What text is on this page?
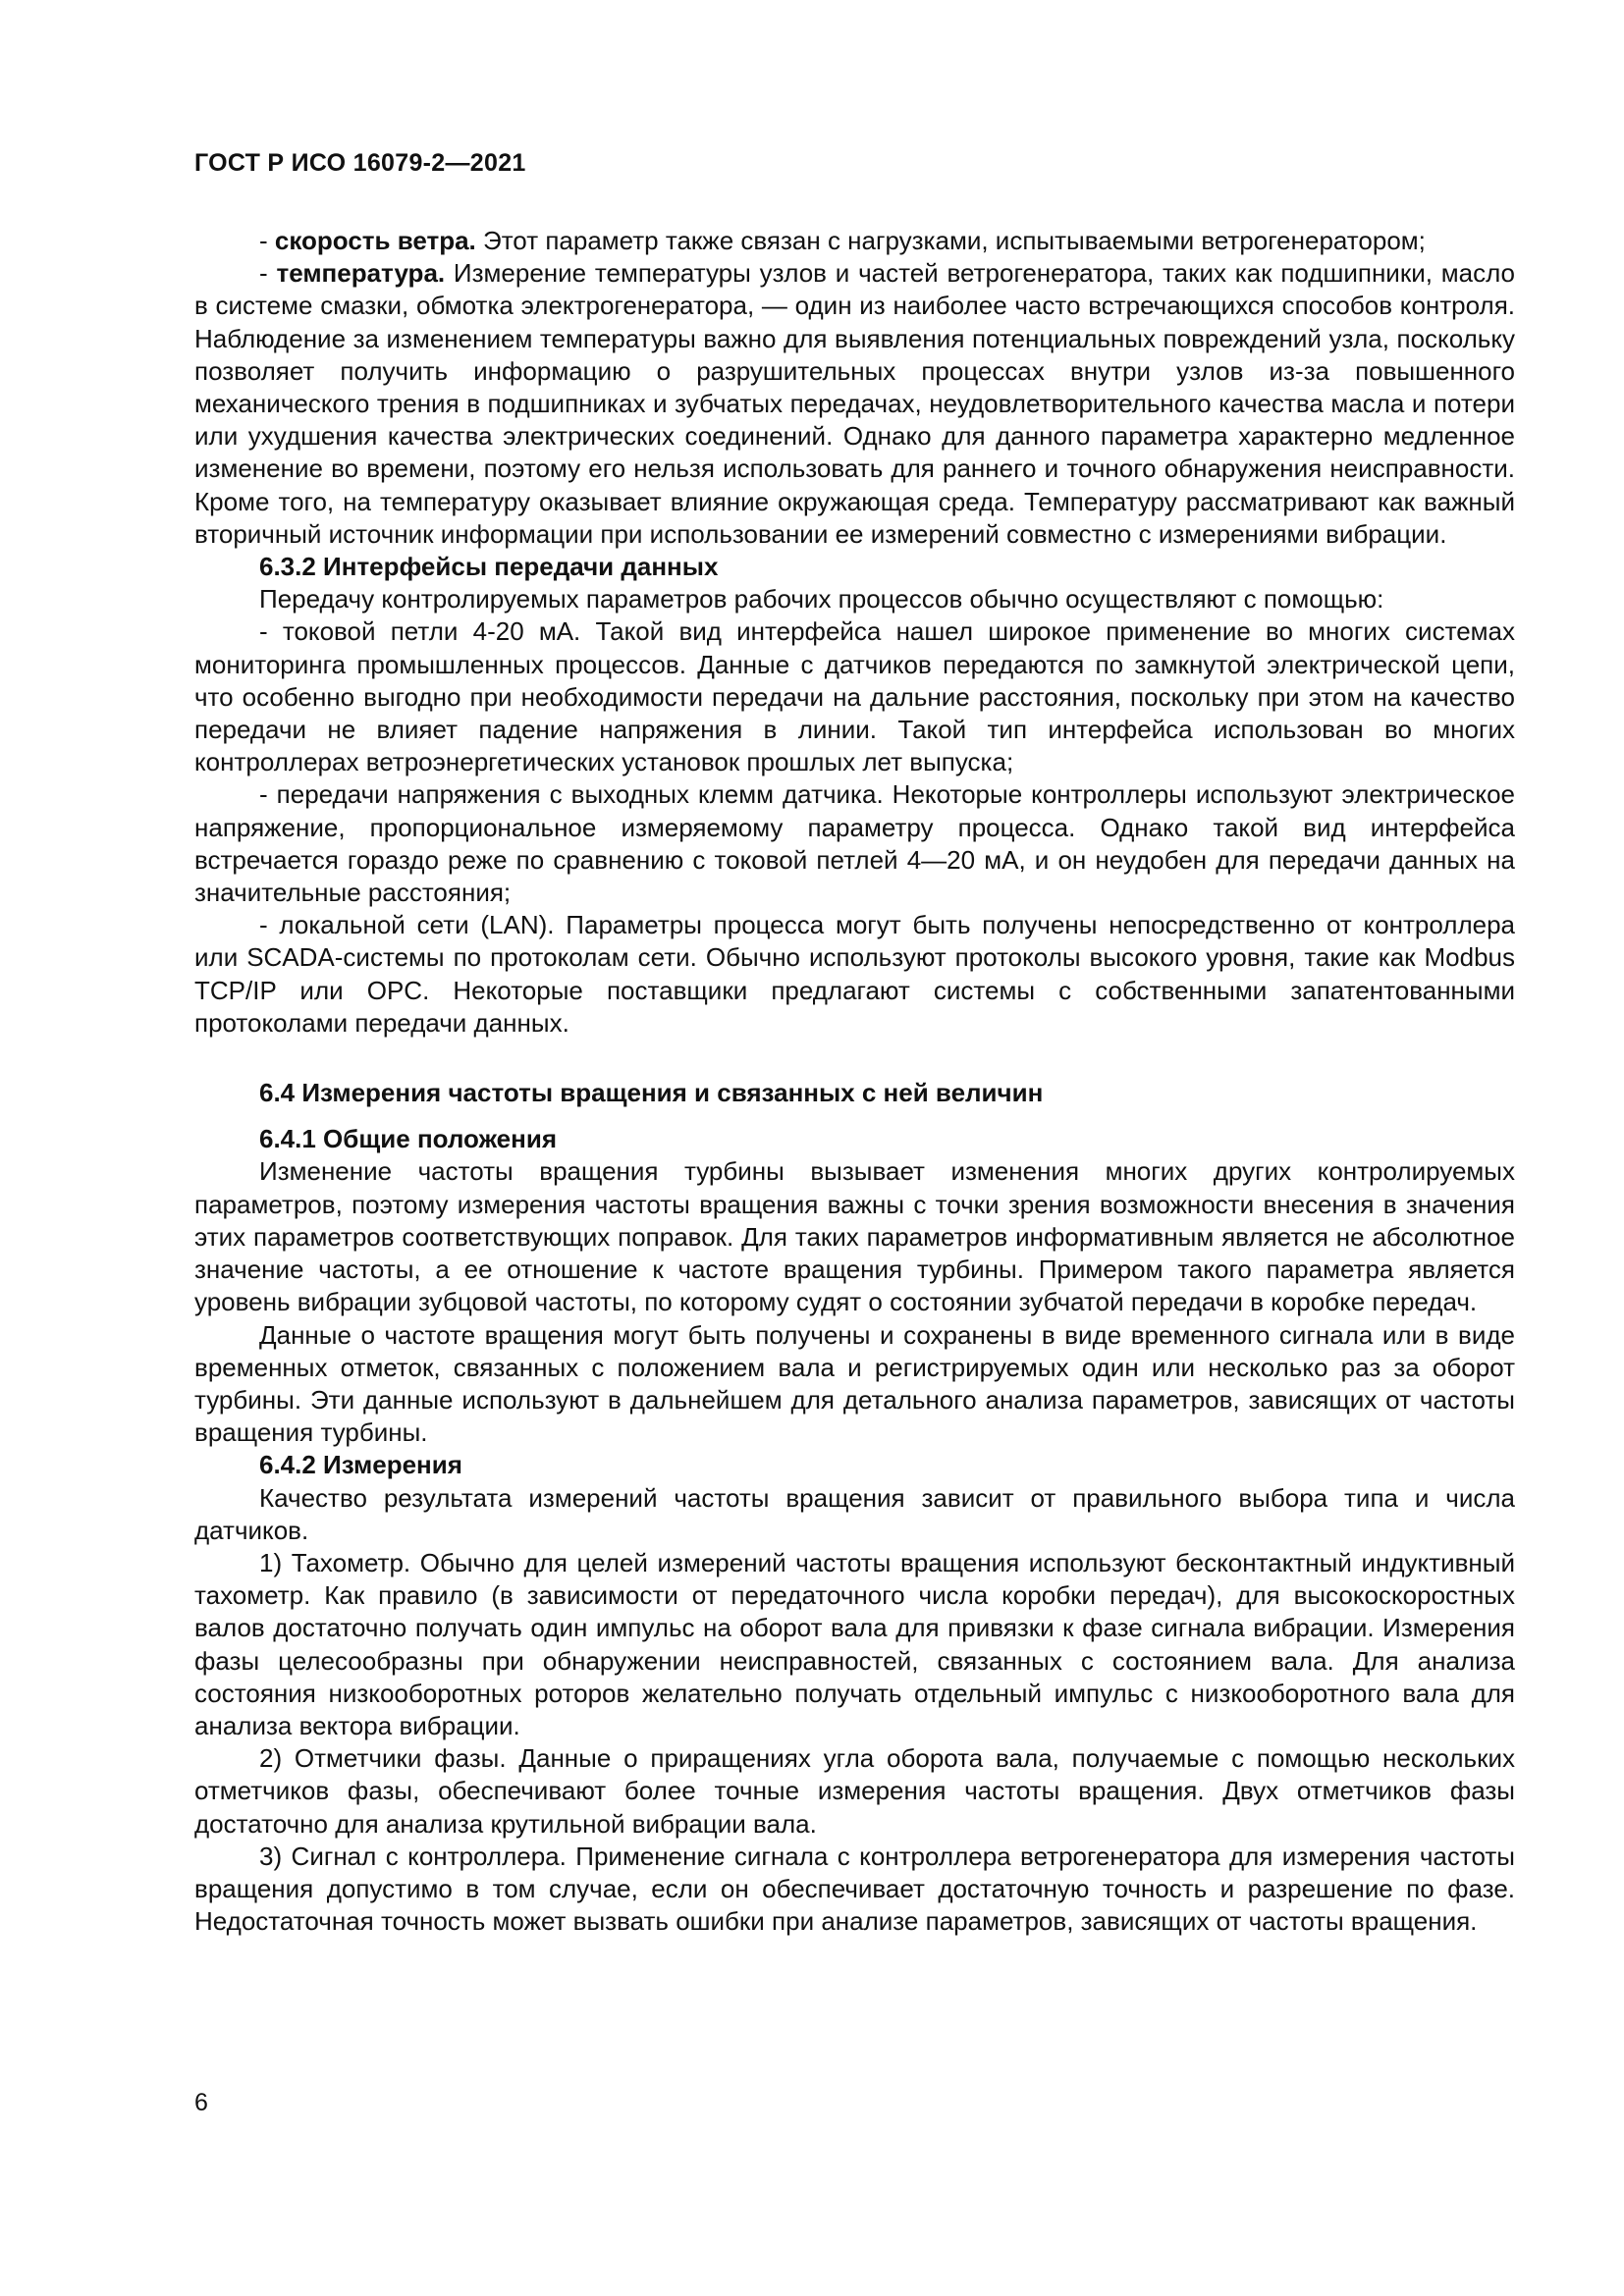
ГОСТ Р ИСО 16079-2—2021

- скорость ветра. Этот параметр также связан с нагрузками, испытываемыми ветрогенератором;

- температура. Измерение температуры узлов и частей ветрогенератора, таких как подшипники, масло в системе смазки, обмотка электрогенератора, — один из наиболее часто встречающихся способов контроля. Наблюдение за изменением температуры важно для выявления потенциальных повреждений узла, поскольку позволяет получить информацию о разрушительных процессах внутри узлов из-за повышенного механического трения в подшипниках и зубчатых передачах, неудовлетворительного качества масла и потери или ухудшения качества электрических соединений. Однако для данного параметра характерно медленное изменение во времени, поэтому его нельзя использовать для раннего и точного обнаружения неисправности. Кроме того, на температуру оказывает влияние окружающая среда. Температуру рассматривают как важный вторичный источник информации при использовании ее измерений совместно с измерениями вибрации.

6.3.2 Интерфейсы передачи данных

Передачу контролируемых параметров рабочих процессов обычно осуществляют с помощью:

- токовой петли 4-20 мА. Такой вид интерфейса нашел широкое применение во многих системах мониторинга промышленных процессов. Данные с датчиков передаются по замкнутой электрической цепи, что особенно выгодно при необходимости передачи на дальние расстояния, поскольку при этом на качество передачи не влияет падение напряжения в линии. Такой тип интерфейса использован во многих контроллерах ветроэнергетических установок прошлых лет выпуска;

- передачи напряжения с выходных клемм датчика. Некоторые контроллеры используют электрическое напряжение, пропорциональное измеряемому параметру процесса. Однако такой вид интерфейса встречается гораздо реже по сравнению с токовой петлей 4—20 мА, и он неудобен для передачи данных на значительные расстояния;

- локальной сети (LAN). Параметры процесса могут быть получены непосредственно от контроллера или SCADA-системы по протоколам сети. Обычно используют протоколы высокого уровня, такие как Modbus TCP/IP или OPC. Некоторые поставщики предлагают системы с собственными запатентованными протоколами передачи данных.

6.4 Измерения частоты вращения и связанных с ней величин

6.4.1 Общие положения

Изменение частоты вращения турбины вызывает изменения многих других контролируемых параметров, поэтому измерения частоты вращения важны с точки зрения возможности внесения в значения этих параметров соответствующих поправок. Для таких параметров информативным является не абсолютное значение частоты, а ее отношение к частоте вращения турбины. Примером такого параметра является уровень вибрации зубцовой частоты, по которому судят о состоянии зубчатой передачи в коробке передач.

Данные о частоте вращения могут быть получены и сохранены в виде временного сигнала или в виде временных отметок, связанных с положением вала и регистрируемых один или несколько раз за оборот турбины. Эти данные используют в дальнейшем для детального анализа параметров, зависящих от частоты вращения турбины.

6.4.2 Измерения

Качество результата измерений частоты вращения зависит от правильного выбора типа и числа датчиков.

1) Тахометр. Обычно для целей измерений частоты вращения используют бесконтактный индуктивный тахометр. Как правило (в зависимости от передаточного числа коробки передач), для высокоскоростных валов достаточно получать один импульс на оборот вала для привязки к фазе сигнала вибрации. Измерения фазы целесообразны при обнаружении неисправностей, связанных с состоянием вала. Для анализа состояния низкооборотных роторов желательно получать отдельный импульс с низкооборотного вала для анализа вектора вибрации.

2) Отметчики фазы. Данные о приращениях угла оборота вала, получаемые с помощью нескольких отметчиков фазы, обеспечивают более точные измерения частоты вращения. Двух отметчиков фазы достаточно для анализа крутильной вибрации вала.

3) Сигнал с контроллера. Применение сигнала с контроллера ветрогенератора для измерения частоты вращения допустимо в том случае, если он обеспечивает достаточную точность и разрешение по фазе. Недостаточная точность может вызвать ошибки при анализе параметров, зависящих от частоты вращения.

6
